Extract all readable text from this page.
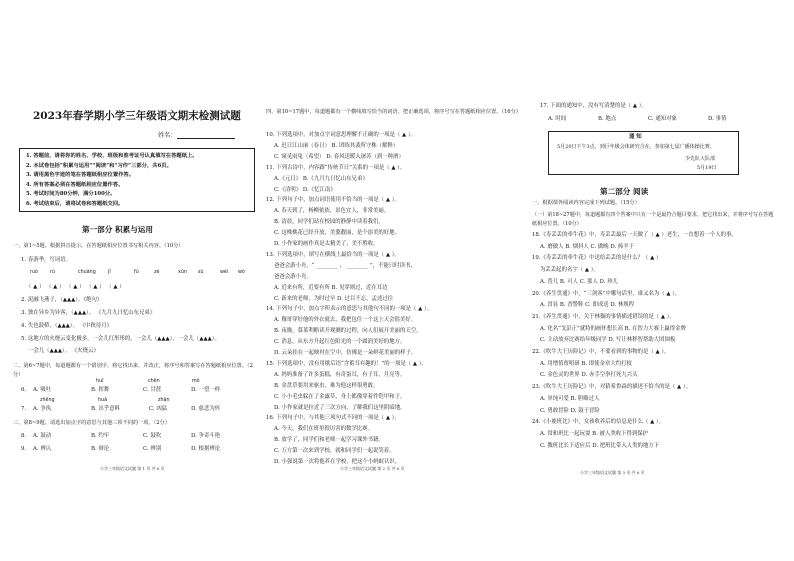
2023年春学期小学三年级语文期末检测试题
姓名：
1. 答题前，请将你的姓名、学校、班级和准考证号认真填写在答题纸上。
2. 本试卷包括“积累与运用”“阅读”和“习作”三部分，共6页。
3. 请用黑色字迹的笔在答题纸相应位置作答。
4. 所有答案必须在答题纸相应位置作答。
5. 考试时间为80分钟，满分100分。
6. 考试结束后，请将试卷和答题纸交回。
第一部分 积累与运用
一、第1~5题。根据拼音提示，在答题纸相应位置书写相关内容。（10分）
1. 春游季，写词语。
ruò	rú	chuāng	jǐ	fú	zé	xūn sù	wéi wò
（ ▲ ） （ ▲ ） （ ▲ ） （ ▲ ） （ ▲ ）
2. 泥融飞燕子，（▲▲▲）。《绝句》
3. 独在异乡为异客，（▲▲▲）。 《九月九日忆山东兄弟》
4. 失也鼓桥，（▲▲▲）。 《中秋待月》
5. 这地方的火烧云变化极多，一会儿红彤彤的，一会儿（▲▲▲），一会儿（▲▲▲）。
一会儿（▲▲▲）。 《火烧云》
二、第6~7题中，每道题都有一个错别字，将它找出来，并改正，将序号和答案写在答题纸相应位置。（2分）
huī	chēn	mǒ
6. A. 吸吐	B. 挥舞	C. 甘蔗	D. 一望一样
zhēng	huǎ	zhān
7. A. 争执	B. 出乎意料	C. 凶猛	D. 慈悲为怀
三、第8~9题。请选出加点字的意思与其他三项不同的一项。（2分）
8. A. 鼓动	B. 约牢	C. 鼓吹	D. 争奇斗艳
9. A. 辨认	B. 辩论	C. 辨别	D. 根据辨论
小学三年级语文试题 第 1 页 共 6 页
四、第10~17题中，每道题都有一个横线填写恰当的词语、把正确选项，将序号写在答题纸相应位置。（16分）
10. 下列选项中，对加点字词意思理解不正确的一项是（ ▲ ）。
A. 迟日江山丽（春日） B. 团练其袭所守株（解释）
C. 窥觅雨兔（希望） D. 春风送暖入屠苏（到一种酒）
11. 下列古诗中，内容跟“传统节日”关系的一项是（ ▲ ）。
A.《元日》 B.《九月九日忆山东兄弟》
C.《清明》 D.《忆江南》
12. 下列句子中，加点词语使用不恰当的一项是（ ▲ ）。
A. 春天到了，杨柳依依，景色宜人，非常美丽。
B. 清晨，同学们站在校园的静静中读着我们。
C. 这株桃花已经开放，美姿靓丽，是个添美的好地。
D. 小作家的画作真是太精美了，美不胜收。
13. 下列选项中，填写在横线上最恰当的一项是（ ▲ ）。
爸爸会游小舟，“ ________ ， ________ ”，不能只时读书，
爸爸会游小舟。
A. 近来有所，近要有所 B. 见穿则过，近在耳边
C. 新来的老师，为时过早 D. 过目不忘，孟述过往
14. 下列句子中，加点字所表示的意思与其他句不同的一项是（ ▲ ）。
A. 穆哥穿好他的外衣就去，我把包住一个这上天会很美好。
B. 夜晚，慕莱利略读开观测的过程，向人们展开美丽的天空。
C. 消息，从东方升起红色阳光的一个圆润美好的地方。
D. 云朵挂在一起映衬在空中，仿佛是一朵鲜花美丽的样子。
15. 下列选项中，没有用歇后语“含蓄耳有趣的！”的一项是（ ▲ ）。
A. 妈妈准备了许多蛋糕，有奇蛋耳，有子耳，月亮等。
B. 金盘草要用来驱虫，难为他这样很勇敢。
C. 小小毛虫躲在了金露草，身上都像穿着件铠甲和子。
D. 小作家就是拉近了三次方向，了解我们这里阴暗地。
16. 下列句子中，与其他三项句式不同的一项是（ ▲ ）。
A. 今天，我们在班里很厉害的数学比赛。
B. 放学了，同学们和老师一起学习课外书籍。
C. 万方第一次来到学校，就和同学们一起说笑着。
D. 小强说第一次将他养在学校，把这个小蚂蚁认识。
小学三年级语文试题 第 2 页 共 6 页
17. 下面的通知中，没有写清楚的是（ ▲ ）。
A. 时间	B. 地点	C. 通知对象	D. 事情
通 知
5月20日下午3点，到巨年级会体研究合在，参加第七届广播体操比赛。
少先队大队部
5月19日
第二部分 阅读
一、根据课外阅读内容完成下列试题。（15分）
（一）第18~27题中，每道题都有四个答案中只有一个是最符合题目要求，把它找出来，并将序号写在答题纸相应位置。（10分）
18.《寿丢丢的牵牛花》中，寿丢丢最后一天做了（ ▲ ）老生，一直想着一个人的事。
A. 磨做人 B. 烟抖人 C. 做晚 D. 捧羊于
19.《寿丢丢的牵牛花》中送给丢丢的是什么？（ ▲ ）
为丢丢起的名字（ ▲ ）。
A. 普儿 B. 可人 C. 那人 D. 珍儿
20.《养生贯通》中，“三剑客”中哪句话里，谁又名为（ ▲ ）。
A. 贯显 B. 香警鞋 C. 即成送 D. 林规程
21.《养生贯通》中，关于林猫的事情描述错误的是（ ▲ ）。
A. 化名“戈彭正”就特的画怀想长高 B. 在智力大赛上赢得金牌
C. 主动放弃比赛给年级同学 D. 写让林秤智帮助大团围板
22.《吹牛大王历险记》中，不要看到的事物的是（ ▲ ）。
A. 用增值贾明研 B. 即使金章大约打枝
C. 金色灵的世界 D. 赤手空拳打死九兴头
23.《吹牛大王历险记》中，对猜希鲁森的描述不恰当的是（ ▲ ）。
A. 单纯可爱 B. 胆略过人
C. 勇敢冒险 D. 鼓于冒险
24.《小鹿班比》中，女孩收养后的信息是什么（ ▲ ）。
A. 常和班比一起玩耍 B. 被人类收下得到保护
C. 教班比长下适应后 D. 把班比带入人类的地方下
小学三年级语文试题 第 3 页 共 6 页
